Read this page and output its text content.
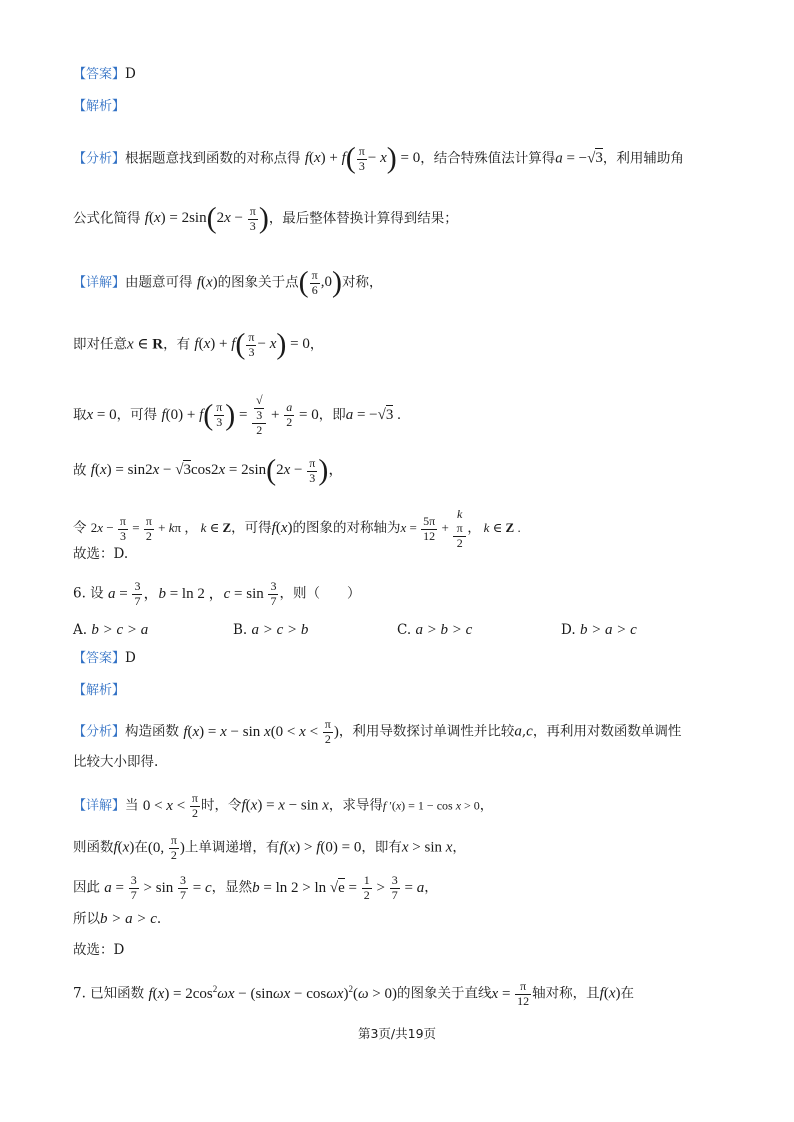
【答案】D
【解析】
【分析】根据题意找到函数的对称点得 $f(x) + f( \frac{\pi}{3} - x) = 0$，结合特殊值法计算得a = −√3，利用辅助角
公式化简得 $f(x) = 2\sin(2x - \frac{\pi}{3}$ )，最后整体替换计算得到结果；
【详解】由题意可得 f(x)的图象关于点( $\frac{\pi}{6} ,0$)对称，
即对任意x ∈ R，有 $f(x) + f( \frac{\pi}{3} - x) = 0$，
取x = 0，可得 $f(0) + f( \frac{\pi}{3}$ ) = √
3
$2 + \frac{a}{2} = 0$，即a = −√3 .
故 $f(x) = \sin 2x - √3\cos 2x = 2\sin(2x - \frac{\pi}{3}$ )，
令 $2x - \frac{\pi}{3} = \frac{\pi}{2} + k\pi$ ， k ∈ Z，可得f(x)的图象的对称轴为$x = \frac{5\pi}{12} + k$
π
2 ， k ∈ Z .
故选：D.
6. 设 $a = \frac{3}{7}$ ，b = ln 2 ，$c = \sin \frac{3}{7}$ ，则（　　）
A. b > c > a	B. a > c > b	C. a > b > c	D. b > a > c
【答案】D
【解析】
【分析】构造函数 $f(x) = x - \sin x(0 < x < \frac{\pi}{2}$ )，利用导数探讨单调性并比较a,c，再利用对数函数单调性
比较大小即得.
【详解】当 $0 < x < \frac{\pi}{2}$ 时，令f(x) = x − sin x，求导得f ′(x) = 1 − cos x > 0，
则函数f(x)在(0, $\frac{\pi}{2}$ )上单调递增，有f(x) > f(0) = 0，即有x > sin x，
因此 $a = \frac{3}{7} > \sin \frac{3}{7} = c$，显然$b = \ln 2 > \ln √e = \frac{1}{2} > \frac{3}{7} = a$，
所以b > a > c.
故选：D
7. 已知函数 $f(x) = 2\cos^2\omega x - (\sin\omega x - \cos\omega x)^2(\omega > 0)$的图象关于直线$x = \frac{\pi}{12}$ 轴对称，且f(x)在
第3页/共19页
